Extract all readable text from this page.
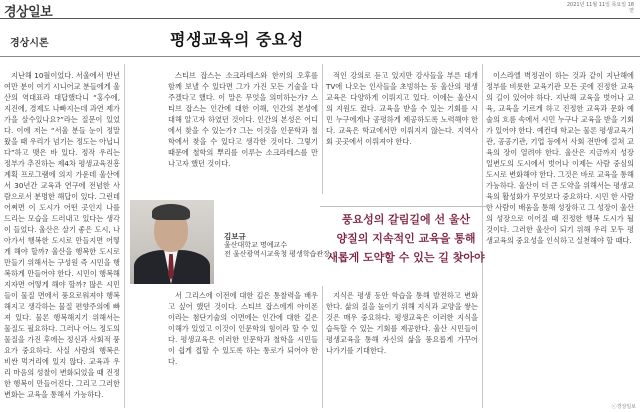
경상일보	2021년 11월 11일 목요일 18면
경상시론	평생교육의 중요성

지난해 10월이었다. 서울에서 반년 여만 분이 여기 시니어교 분들에게 울산의 역대표라 대답했다니 “홍수에, 지진에, 경제도 나빠지는데 과연 제가 가을 살수있나요?”라는 질문이 있었다. 이에 저는 “서울 분들 눈이 정말 왔을 때 우리가 넘기는 정도는 아닙니다”하고 맺은 바 있다. 정작 우리는 정부가 추진하는 제4차 평생교육진흥계획 프로그램에 의지 가운데 울산에서 30년간 교육과 연구에 전념한 사람으로서 분명한 해답이 있다. 그런데 어쩌면 이 도시가 어떤 곳인지 나를 드리는 모습을 드러내고 있다는 생각이 들었다. 울산은 살기 좋은 도시, 나아가서 행복한 도시로 만들지면 어떻게 해야 할까? 울산을 행복한 도시로 만들기 위해서는 구성원 즉 시민을 행복하게 만들어야 한다. 시민이 행복해지자면 어떻게 해야 할까? 많은 시민들이 물질 면에서 풍요로워져야 행복해지고 생각하는 물질 편향주의에 빠져 있다. 물론 행복해지기 위해서는 물질도 필요하다. 그러나 어느 정도의 물질을 가진 후에는 정신과 사회적 풍요가 중요하다. 사실 사람의 행복은 비싼 먹거리에 있지 않다. 교육과 우리 마음의 성찰이 변화되었을 때 진정한 행복이 만들어진다. 그리고 그러한 변화는 교육을 통해서 가능하다.

스티브 잡스는 소크라테스와 한끼의 오후를 함께 보낼 수 있다면 그가 가진 모든 기술을 다 주겠다고 했다. 이 말은 무엇을 의미하는가? 스티브 잡스는 인간에 대한 이해, 인간의 본성에 대해 알고자 하였던 것이다. 인간의 본성은 어디에서 찾을 수 있는가? 그는 이것을 인문학과 철학에서 찾을 수 있다고 생각한 것이다. 그렇기 때문에 철학의 뿌리를 이루는 소크라테스를 만나고자 했던 것이다.

적인 강의로 듣고 있지만 강사들을 부른 대개 TV에 나오는 인사들을 초빙하는 등 울산의 평생교육은 다양하게 이뤄지고 있다. 이에는 울산시의 지원도 컸다. 교육을 받을 수 있는 기회를 시민 누구에게나 공평하게 제공하도록 노력해야 한다. 교육은 학교에서만 이뤄지지 않는다. 지역사회 곳곳에서 이뤄져야 한다.

이스라엘 벽정권이 하는 것과 같이 지난해에 정부를 비롯한 교육기관 모든 곳에 진정한 교육의 길이 있어야 하다. 지난해 교육을 벗어나 교육, 교육을 기르게 하고 진정한 교육과 문화 예술의 흐름 속에서 시민 누구나 교육을 받을 기회가 있어야 한다. 예컨대 학교는 물론 평생교육기관, 공공기관, 기업 등에서 사회 전반에 걸쳐 교육의 장이 열려야 한다. 울산은 지금까지 성장 일변도의 도시에서 벗어나 이제는 사람 중심의 도시로 변화해야 한다. 그것은 바로 교육을 통해 가능하다. 울산이 더 큰 도약을 위해서는 평생교육의 활성화가 무엇보다 중요하다. 시민 한 사람 한 사람이 배움을 통해 성장하고 그 성장이 울산의 성장으로 이어질 때 진정한 행복 도시가 될 것이다. 그러한 울산이 되기 위해 우리 모두 평생교육의 중요성을 인식하고 실천해야 할 때다.

김보규
울산대학교 명예교수
전 울산광역시교육청 평생학습관장
풍요성의 갈림길에 선 울산
양질의 지속적인 교육을 통해
새롭게 도약할 수 있는 길 찾아야

서 그리스에 이전에 대한 깊은 통찰력을 배우고 싶어 했던 것이다. 스티브 잡스에게 아이폰 이라는 첨단기술의 이면에는 인간에 대한 깊은 이해가 있었고 이것이 인문학의 힘이라 할 수 있다. 평생교육은 이러한 인문학과 철학을 시민들이 쉽게 접할 수 있도록 하는 통로가 되어야 한다.

지식은 평생 동안 학습을 통해 발전하고 변화한다. 삶의 질을 높이기 위해 지식과 교양을 쌓는 것은 매우 중요하다. 평생교육은 이러한 지식을 습득할 수 있는 기회를 제공한다. 울산 시민들이 평생교육을 통해 자신의 삶을 풍요롭게 가꾸어 나가기를 기대한다.

ⓒ경상일보
